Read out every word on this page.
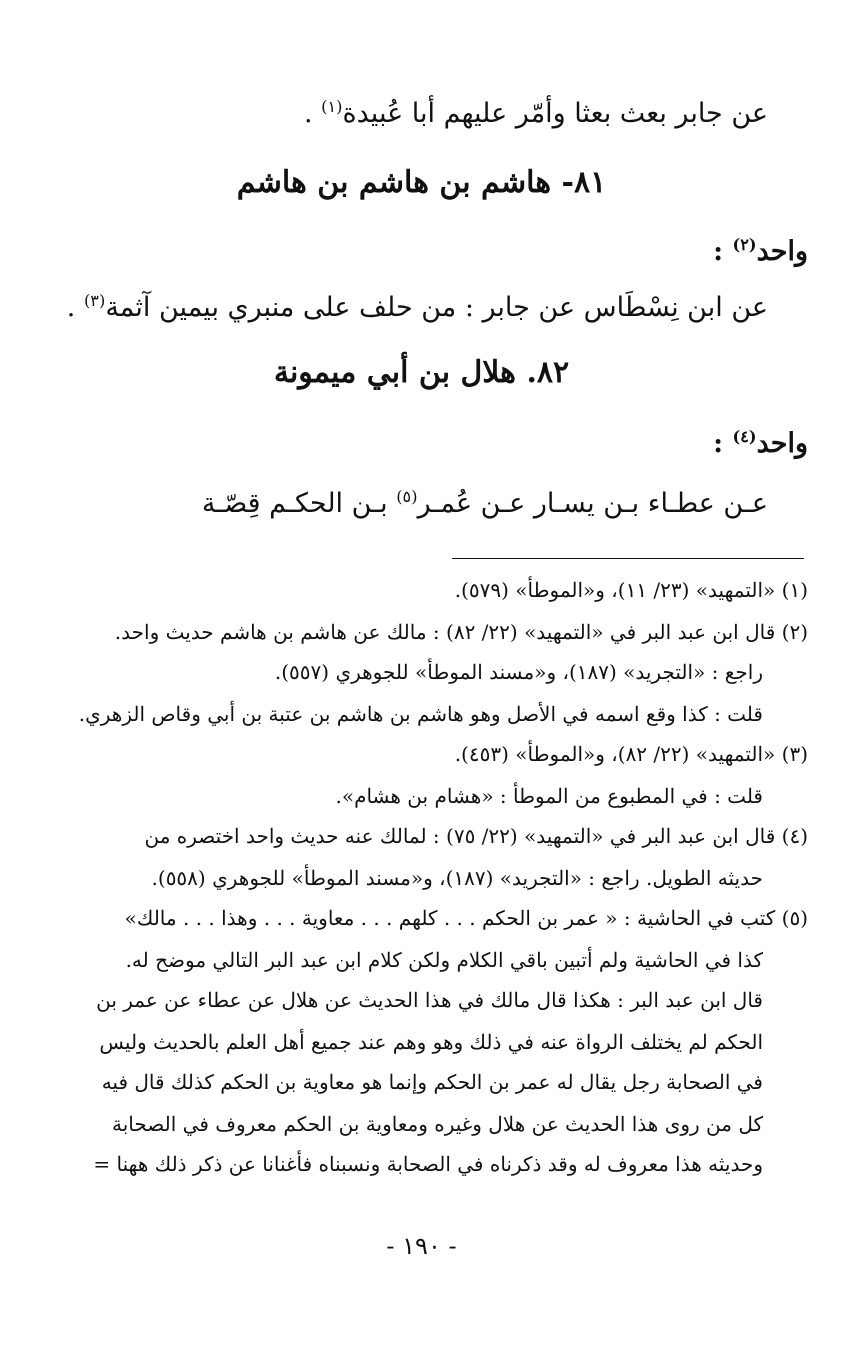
عن جابر بعث بعثا وأمّر عليهم أبا عُبيدة$^{(١)}$ .
٨١- هاشم بن هاشم بن هاشم
واحد$^{(٢)}$ :
عن ابن نِسْطَاس عن جابر : من حلف على منبري بيمين آثمة$^{(٣)}$ .
٨٢. هلال بن أبي ميمونة
واحد$^{(٤)}$ :
عـن عطـاء بـن يسـار عـن عُمـر$^{(٥)}$ بـن الحكـم قِصّـة
(١) «التمهيد» (٢٣/ ١١)، و«الموطأ» (٥٧٩).
(٢) قال ابن عبد البر في «التمهيد» (٢٢/ ٨٢) : مالك عن هاشم بن هاشم حديث واحد.
راجع : «التجريد» (١٨٧)، و«مسند الموطأ» للجوهري (٥٥٧).
قلت : كذا وقع اسمه في الأصل وهو هاشم بن هاشم بن عتبة بن أبي وقاص الزهري.
(٣) «التمهيد» (٢٢/ ٨٢)، و«الموطأ» (٤٥٣).
قلت : في المطبوع من الموطأ : «هشام بن هشام».
(٤) قال ابن عبد البر في «التمهيد» (٢٢/ ٧٥) : لمالك عنه حديث واحد اختصره من
حديثه الطويل. راجع : «التجريد» (١٨٧)، و«مسند الموطأ» للجوهري (٥٥٨).
(٥) كتب في الحاشية : « عمر بن الحكم . . . كلهم . . . معاوية . . . وهذا . . . مالك»
كذا في الحاشية ولم أتبين باقي الكلام ولكن كلام ابن عبد البر التالي موضح له.
قال ابن عبد البر : هكذا قال مالك في هذا الحديث عن هلال عن عطاء عن عمر بن
الحكم لم يختلف الرواة عنه في ذلك وهو وهم عند جميع أهل العلم بالحديث وليس
في الصحابة رجل يقال له عمر بن الحكم وإنما هو معاوية بن الحكم كذلك قال فيه
كل من روى هذا الحديث عن هلال وغيره ومعاوية بن الحكم معروف في الصحابة
وحديثه هذا معروف له وقد ذكرناه في الصحابة ونسبناه فأغنانا عن ذكر ذلك ههنا =
- ١٩٠ -
